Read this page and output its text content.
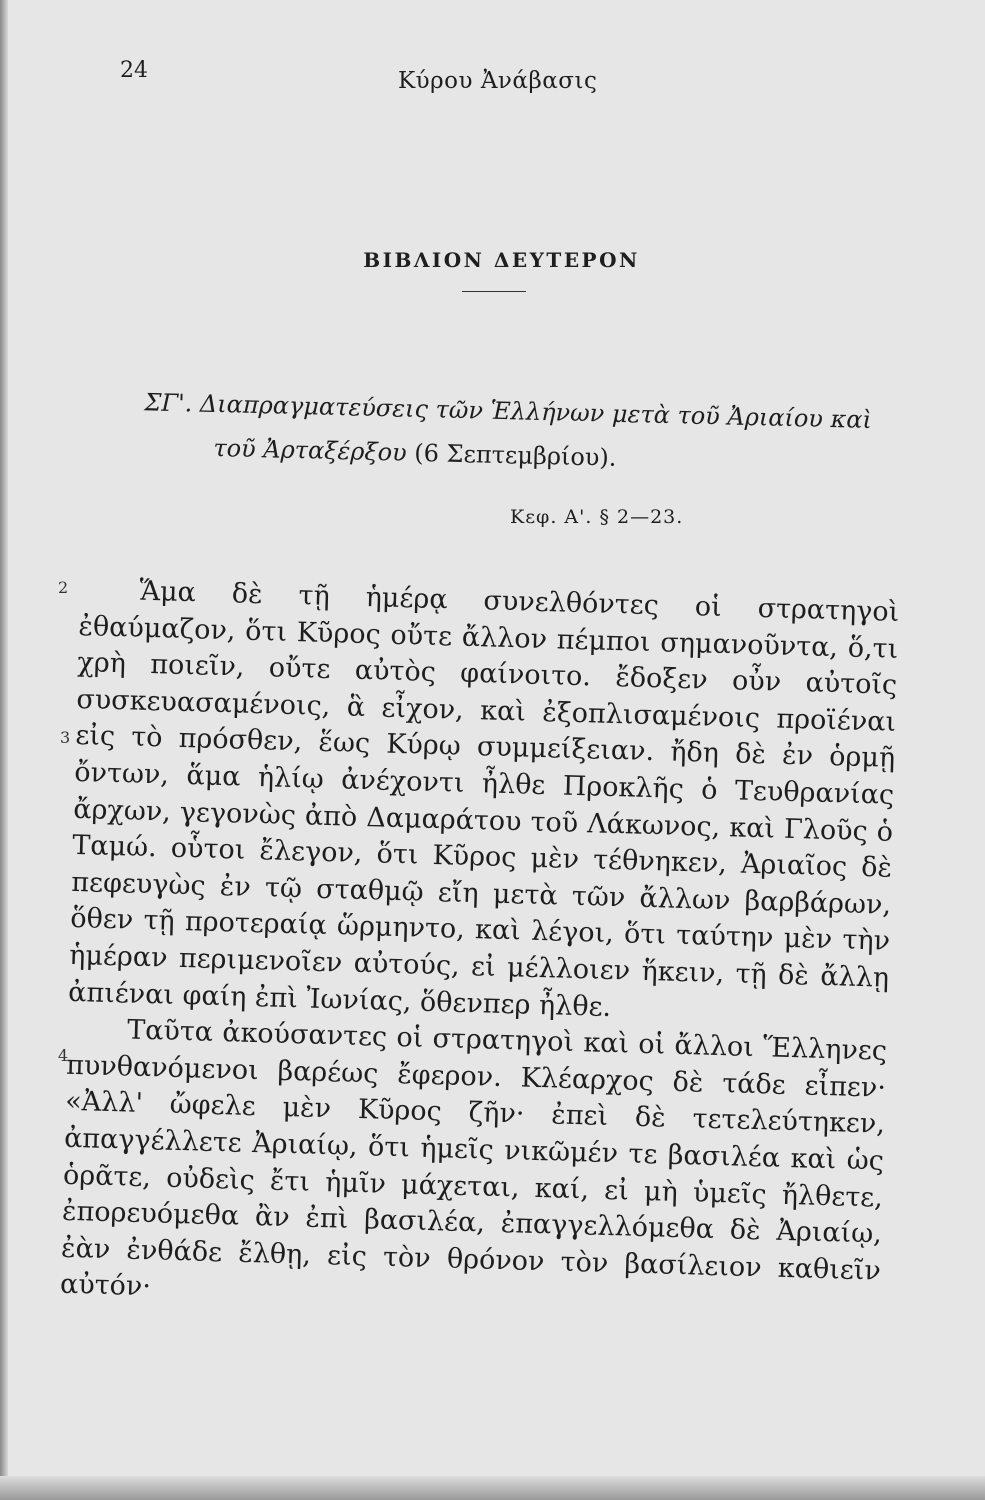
24	Κύρου Ἀνάβασις
ΒΙΒΛΙΟΝ ΔΕΥΤΕΡΟΝ
ΣΓ'. Διαπραγματεύσεις τῶν Ἑλλήνων μετὰ τοῦ Ἀριαίου καὶ τοῦ Ἀρταξέρξου (6 Σεπτεμβρίου).
Κεφ. Α'. § 2—23.
2
3
4

Ἅμα δὲ τῇ ἡμέρᾳ συνελθόντες οἱ στρατηγοὶ ἐθαύμαζον, ὅτι Κῦρος οὔτε ἄλλον πέμποι σημανοῦντα, ὅ,τι χρὴ ποιεῖν, οὔτε αὐτὸς φαίνοιτο. ἔδοξεν οὖν αὐτοῖς συσκευασαμένοις, ἃ εἶχον, καὶ ἐξοπλισαμένοις προϊέναι εἰς τὸ πρόσθεν, ἕως Κύρῳ συμμείξειαν. ἤδη δὲ ἐν ὁρμῇ ὄντων, ἅμα ἡλίῳ ἀνέχοντι ἦλθε Προκλῆς ὁ Τευθρανίας ἄρχων, γεγονὼς ἀπὸ Δαμαράτου τοῦ Λάκωνος, καὶ Γλοῦς ὁ Ταμώ. οὗτοι ἔλεγον, ὅτι Κῦρος μὲν τέθνηκεν, Ἀριαῖος δὲ πεφευγὼς ἐν τῷ σταθμῷ εἴη μετὰ τῶν ἄλλων βαρβάρων, ὅθεν τῇ προτεραίᾳ ὥρμηντο, καὶ λέγοι, ὅτι ταύτην μὲν τὴν ἡμέραν περιμενοῖεν αὐτούς, εἰ μέλλοιεν ἥκειν, τῇ δὲ ἄλλῃ ἀπιέναι φαίη ἐπὶ Ἰωνίας, ὅθενπερ ἦλθε.

Ταῦτα ἀκούσαντες οἱ στρατηγοὶ καὶ οἱ ἄλλοι Ἕλληνες πυνθανόμενοι βαρέως ἔφερον. Κλέαρχος δὲ τάδε εἶπεν· «Ἀλλ' ὤφελε μὲν Κῦρος ζῆν· ἐπεὶ δὲ τετελεύτηκεν, ἀπαγγέλλετε Ἀριαίῳ, ὅτι ἡμεῖς νικῶμέν τε βασιλέα καὶ ὡς ὁρᾶτε, οὐδεὶς ἔτι ἡμῖν μάχεται, καί, εἰ μὴ ὑμεῖς ἤλθετε, ἐπορευόμεθα ἂν ἐπὶ βασιλέα, ἐπαγγελλόμεθα δὲ Ἀριαίῳ, ἐὰν ἐνθάδε ἔλθῃ, εἰς τὸν θρόνον τὸν βασίλειον καθιεῖν αὐτόν·
